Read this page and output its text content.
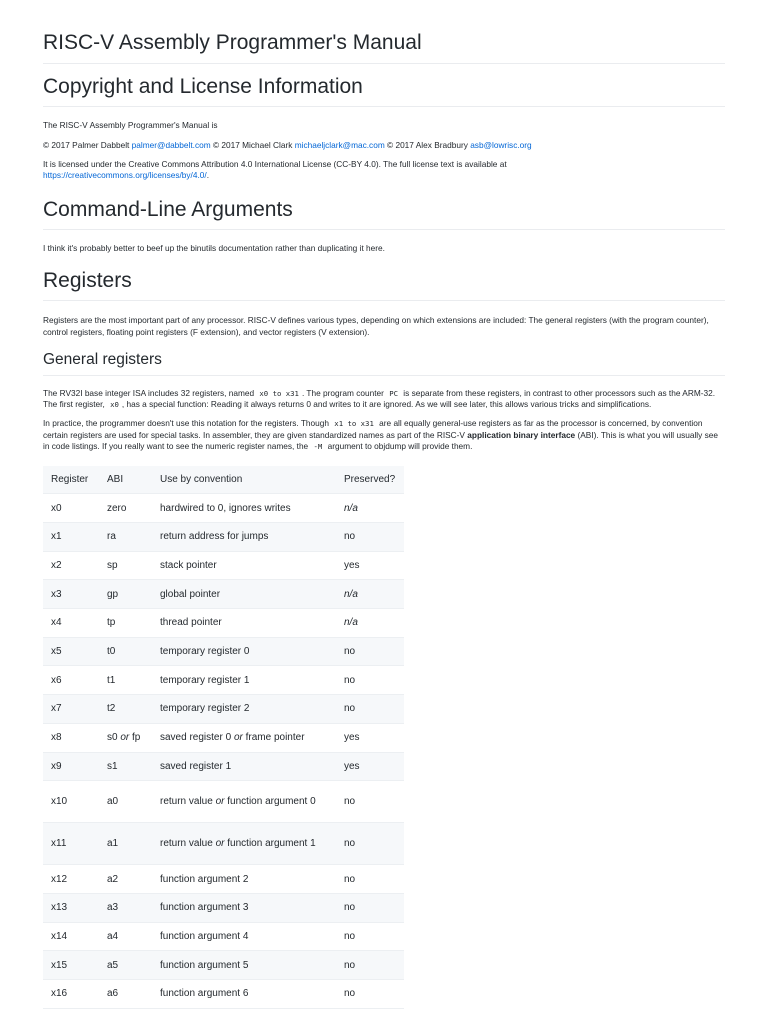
RISC-V Assembly Programmer's Manual
Copyright and License Information

The RISC-V Assembly Programmer's Manual is

© 2017 Palmer Dabbelt palmer@dabbelt.com © 2017 Michael Clark michaeljclark@mac.com © 2017 Alex Bradbury asb@lowrisc.org

It is licensed under the Creative Commons Attribution 4.0 International License (CC-BY 4.0). The full license text is available at https://creativecommons.org/licenses/by/4.0/.

Command-Line Arguments

I think it's probably better to beef up the binutils documentation rather than duplicating it here.

Registers

Registers are the most important part of any processor. RISC-V defines various types, depending on which extensions are included: The general registers (with the program counter), control registers, floating point registers (F extension), and vector registers (V extension).

General registers

The RV32I base integer ISA includes 32 registers, named x0 to x31 . The program counter PC is separate from these registers, in contrast to other processors such as the ARM-32. The first register, x0 , has a special function: Reading it always returns 0 and writes to it are ignored. As we will see later, this allows various tricks and simplifications.

In practice, the programmer doesn't use this notation for the registers. Though x1 to x31 are all equally general-use registers as far as the processor is concerned, by convention certain registers are used for special tasks. In assembler, they are given standardized names as part of the RISC-V application binary interface (ABI). This is what you will usually see in code listings. If you really want to see the numeric register names, the -M argument to objdump will provide them.

Register	ABI	Use by convention	Preserved?
x0	zero	hardwired to 0, ignores writes	n/a
x1	ra	return address for jumps	no
x2	sp	stack pointer	yes
x3	gp	global pointer	n/a
x4	tp	thread pointer	n/a
x5	t0	temporary register 0	no
x6	t1	temporary register 1	no
x7	t2	temporary register 2	no
x8	s0 or fp	saved register 0 or frame pointer	yes
x9	s1	saved register 1	yes
x10	a0	return value or function argument 0	no
x11	a1	return value or function argument 1	no
x12	a2	function argument 2	no
x13	a3	function argument 3	no
x14	a4	function argument 4	no
x15	a5	function argument 5	no
x16	a6	function argument 6	no
